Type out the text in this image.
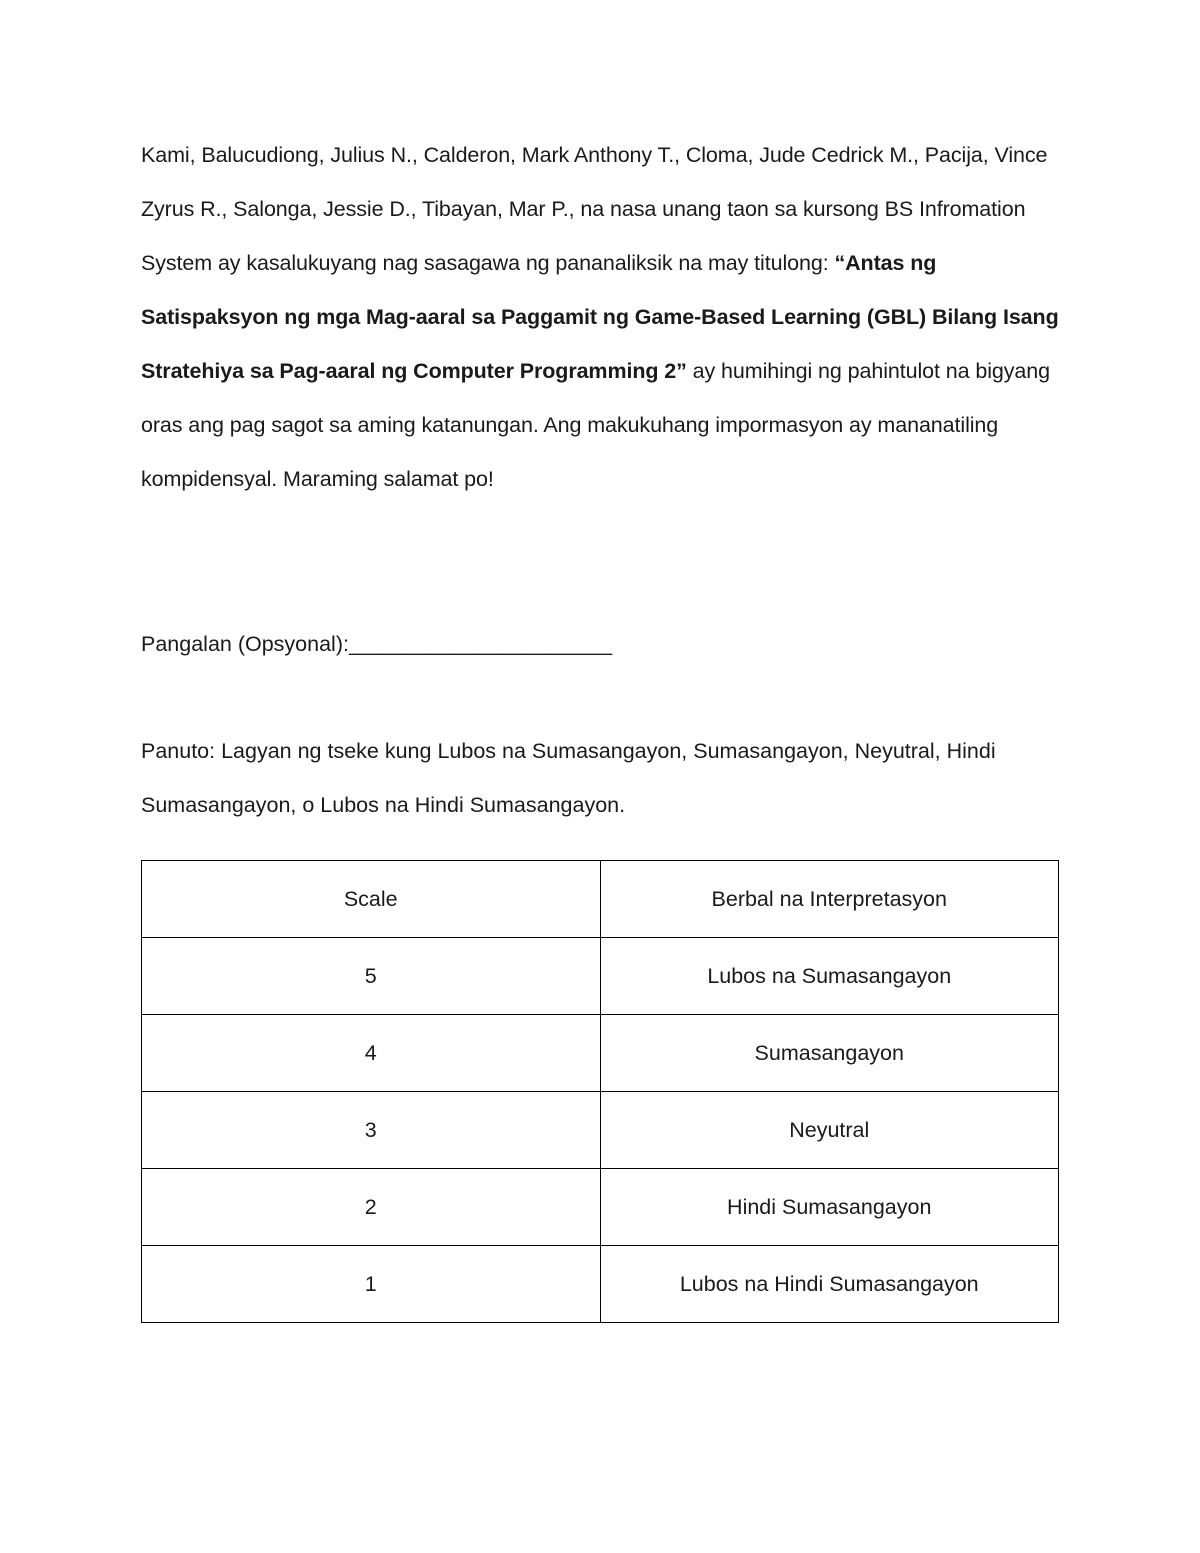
Kami, Balucudiong, Julius N., Calderon, Mark Anthony T., Cloma, Jude Cedrick M., Pacija, Vince Zyrus R., Salonga, Jessie D., Tibayan, Mar P., na nasa unang taon sa kursong BS Infromation System ay kasalukuyang nag sasagawa ng pananaliksik na may titulong: “Antas ng Satispaksyon ng mga Mag-aaral sa Paggamit ng Game-Based Learning (GBL) Bilang Isang Stratehiya sa Pag-aaral ng Computer Programming 2” ay humihingi ng pahintulot na bigyang oras ang pag sagot sa aming katanungan. Ang makukuhang impormasyon ay mananatiling kompidensyal. Maraming salamat po!

Pangalan (Opsyonal):______________________

Panuto: Lagyan ng tseke kung Lubos na Sumasangayon, Sumasangayon, Neyutral, Hindi Sumasangayon, o Lubos na Hindi Sumasangayon.

Scale	Berbal na Interpretasyon
5	Lubos na Sumasangayon
4	Sumasangayon
3	Neyutral
2	Hindi Sumasangayon
1	Lubos na Hindi Sumasangayon
